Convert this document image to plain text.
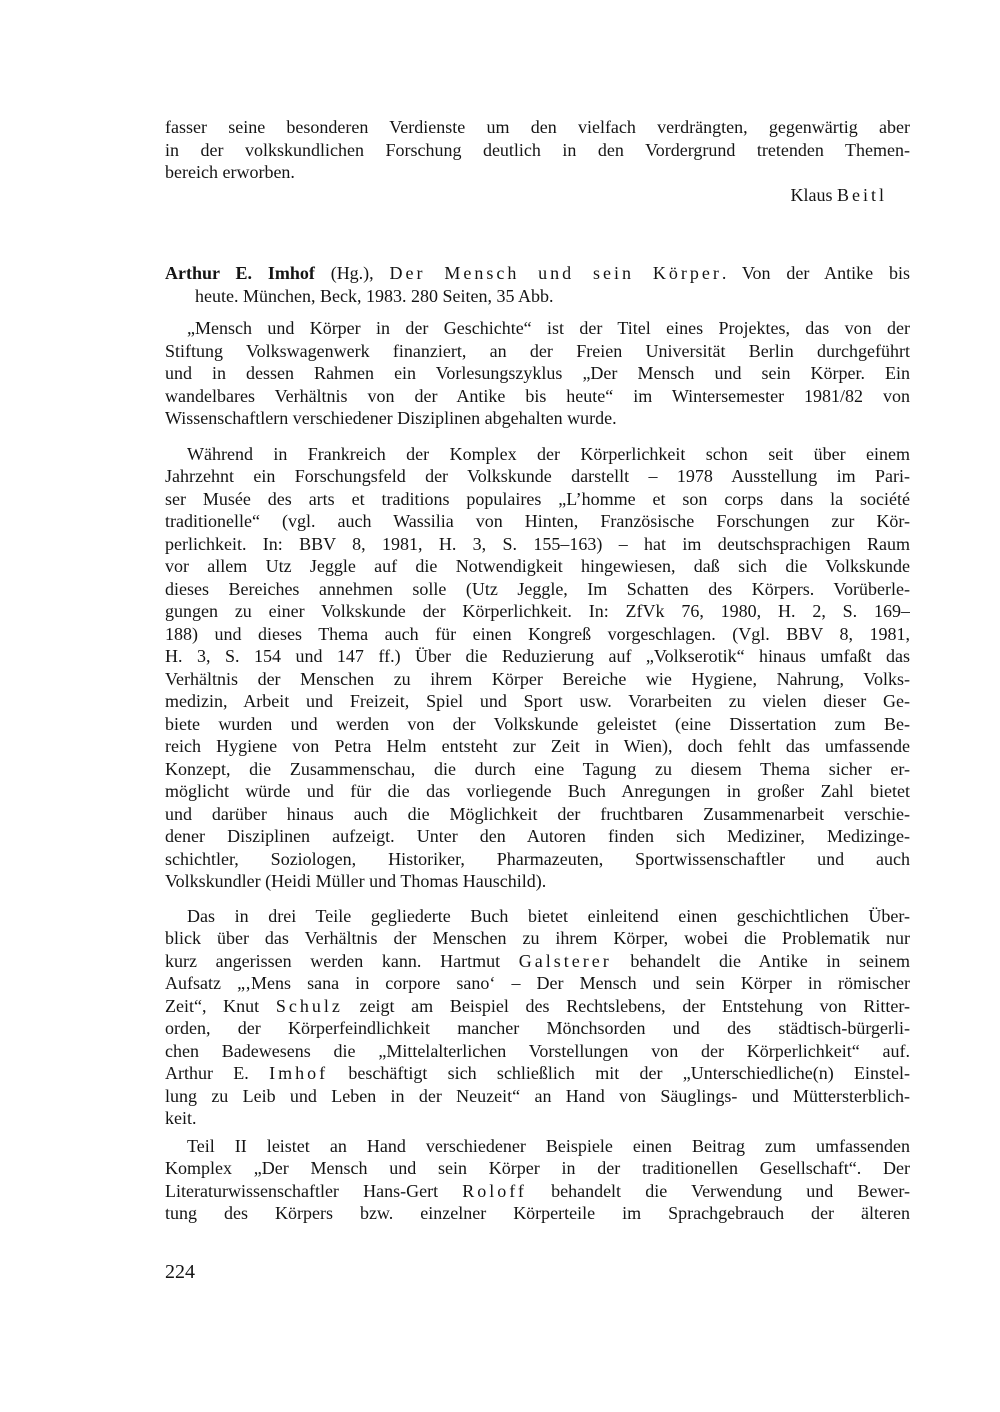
fasser seine besonderen Verdienste um den vielfach verdrängten, gegenwärtig aber
in der volkskundlichen Forschung deutlich in den Vordergrund tretenden Themen-
bereich erworben.
Klaus Beitl
Arthur E. Imhof (Hg.), Der Mensch und sein Körper. Von der Antike bis
heute. München, Beck, 1983. 280 Seiten, 35 Abb.
„Mensch und Körper in der Geschichte“ ist der Titel eines Projektes, das von der
Stiftung Volkswagenwerk finanziert, an der Freien Universität Berlin durchgeführt
und in dessen Rahmen ein Vorlesungszyklus „Der Mensch und sein Körper. Ein
wandelbares Verhältnis von der Antike bis heute“ im Wintersemester 1981/82 von
Wissenschaftlern verschiedener Disziplinen abgehalten wurde.
Während in Frankreich der Komplex der Körperlichkeit schon seit über einem
Jahrzehnt ein Forschungsfeld der Volkskunde darstellt – 1978 Ausstellung im Pari-
ser Musée des arts et traditions populaires „L’homme et son corps dans la société
traditionelle“ (vgl. auch Wassilia von Hinten, Französische Forschungen zur Kör-
perlichkeit. In: BBV 8, 1981, H. 3, S. 155–163) – hat im deutschsprachigen Raum
vor allem Utz Jeggle auf die Notwendigkeit hingewiesen, daß sich die Volkskunde
dieses Bereiches annehmen solle (Utz Jeggle, Im Schatten des Körpers. Vorüberle-
gungen zu einer Volkskunde der Körperlichkeit. In: ZfVk 76, 1980, H. 2, S. 169–
188) und dieses Thema auch für einen Kongreß vorgeschlagen. (Vgl. BBV 8, 1981,
H. 3, S. 154 und 147 ff.) Über die Reduzierung auf „Volkserotik“ hinaus umfaßt das
Verhältnis der Menschen zu ihrem Körper Bereiche wie Hygiene, Nahrung, Volks-
medizin, Arbeit und Freizeit, Spiel und Sport usw. Vorarbeiten zu vielen dieser Ge-
biete wurden und werden von der Volkskunde geleistet (eine Dissertation zum Be-
reich Hygiene von Petra Helm entsteht zur Zeit in Wien), doch fehlt das umfassende
Konzept, die Zusammenschau, die durch eine Tagung zu diesem Thema sicher er-
möglicht würde und für die das vorliegende Buch Anregungen in großer Zahl bietet
und darüber hinaus auch die Möglichkeit der fruchtbaren Zusammenarbeit verschie-
dener Disziplinen aufzeigt. Unter den Autoren finden sich Mediziner, Medizinge-
schichtler, Soziologen, Historiker, Pharmazeuten, Sportwissenschaftler und auch
Volkskundler (Heidi Müller und Thomas Hauschild).
Das in drei Teile gegliederte Buch bietet einleitend einen geschichtlichen Über-
blick über das Verhältnis der Menschen zu ihrem Körper, wobei die Problematik nur
kurz angerissen werden kann. Hartmut Galsterer behandelt die Antike in seinem
Aufsatz „‚Mens sana in corpore sano‘ – Der Mensch und sein Körper in römischer
Zeit“, Knut Schulz zeigt am Beispiel des Rechtslebens, der Entstehung von Ritter-
orden, der Körperfeindlichkeit mancher Mönchsorden und des städtisch-bürgerli-
chen Badewesens die „Mittelalterlichen Vorstellungen von der Körperlichkeit“ auf.
Arthur E. Imhof beschäftigt sich schließlich mit der „Unterschiedliche(n) Einstel-
lung zu Leib und Leben in der Neuzeit“ an Hand von Säuglings- und Müttersterblich-
keit.
Teil II leistet an Hand verschiedener Beispiele einen Beitrag zum umfassenden
Komplex „Der Mensch und sein Körper in der traditionellen Gesellschaft“. Der
Literaturwissenschaftler Hans-Gert Roloff behandelt die Verwendung und Bewer-
tung des Körpers bzw. einzelner Körperteile im Sprachgebrauch der älteren
224
